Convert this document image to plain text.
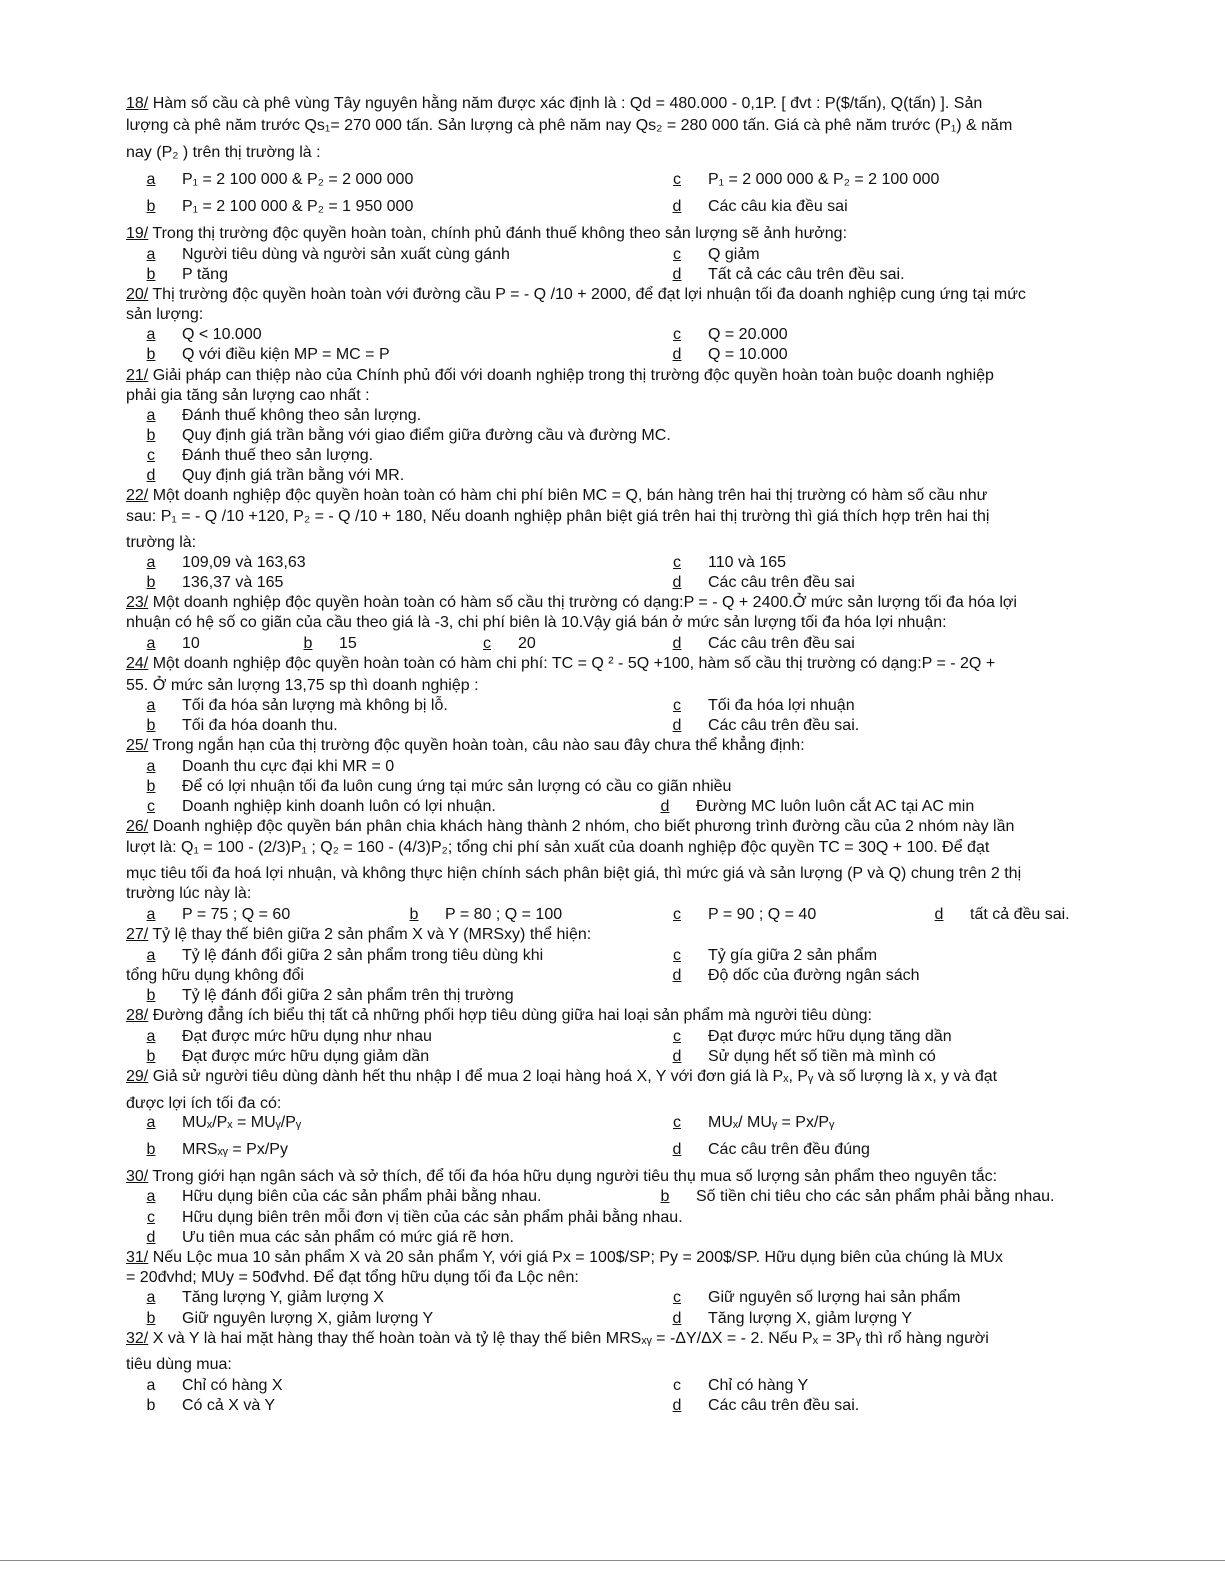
18/ Hàm số cầu cà phê vùng Tây nguyên hằng năm được xác định là : Qd = 480.000 - 0,1P. [ đvt : P($/tấn), Q(tấn) ]. Sản
lượng cà phê năm trước Qs₁= 270 000 tấn. Sản lượng cà phê năm nay Qs₂ = 280 000 tấn. Giá cà phê năm trước (P₁) & năm
nay (P₂ ) trên thị trường là :
a P₁ = 2 100 000 & P₂ = 2 000 000	c P₁ = 2 000 000 & P₂ = 2 100 000
b P₁ = 2 100 000 & P₂ = 1 950 000	d Các câu kia đều sai
19/ Trong thị trường độc quyền hoàn toàn, chính phủ đánh thuế không theo sản lượng sẽ ảnh hưởng:
a Người tiêu dùng và người sản xuất cùng gánh	c Q giảm
b P tăng	d Tất cả các câu trên đều sai.
20/ Thị trường độc quyền hoàn toàn với đường cầu P = - Q /10 + 2000, để đạt lợi nhuận tối đa doanh nghiệp cung ứng tại mức
sản lượng:
a Q < 10.000	c Q = 20.000
b Q với điều kiện MP = MC = P	d Q = 10.000
21/ Giải pháp can thiệp nào của Chính phủ đối với doanh nghiệp trong thị trường độc quyền hoàn toàn buộc doanh nghiệp
phải gia tăng sản lượng cao nhất :
a Đánh thuế không theo sản lượng.
b Quy định giá trần bằng với giao điểm giữa đường cầu và đường MC.
c Đánh thuế theo sản lượng.
d Quy định giá trần bằng với MR.
22/ Một doanh nghiệp độc quyền hoàn toàn có hàm chi phí biên MC = Q, bán hàng trên hai thị trường có hàm số cầu như
sau: P₁ = - Q /10 +120, P₂ = - Q /10 + 180, Nếu doanh nghiệp phân biệt giá trên hai thị trường thì giá thích hợp trên hai thị
trường là:
a 109,09 và 163,63	c 110 và 165
b 136,37 và 165	d Các câu trên đều sai
23/ Một doanh nghiệp độc quyền hoàn toàn có hàm số cầu thị trường có dạng:P = - Q + 2400.Ở mức sản lượng tối đa hóa lợi
nhuận có hệ số co giãn của cầu theo giá là -3, chi phí biên là 10.Vậy giá bán ở mức sản lượng tối đa hóa lợi nhuận:
a 10	b 15	c 20	d Các câu trên đều sai
24/ Một doanh nghiệp độc quyền hoàn toàn có hàm chi phí: TC = Q ² - 5Q +100, hàm số cầu thị trường có dạng:P = - 2Q +
55. Ở mức sản lượng 13,75 sp thì doanh nghiệp :
a Tối đa hóa sản lượng mà không bị lỗ.	c Tối đa hóa lợi nhuận
b Tối đa hóa doanh thu.	d Các câu trên đều sai.
25/ Trong ngắn hạn của thị trường độc quyền hoàn toàn, câu nào sau đây chưa thể khẳng định:
a Doanh thu cực đại khi MR = 0
b Để có lợi nhuận tối đa luôn cung ứng tại mức sản lượng có cầu co giãn nhiều
c Doanh nghiệp kinh doanh luôn có lợi nhuận.	d Đường MC luôn luôn cắt AC tại AC min
26/ Doanh nghiệp độc quyền bán phân chia khách hàng thành 2 nhóm, cho biết phương trình đường cầu của 2 nhóm này lần
lượt là: Q₁ = 100 - (2/3)P₁ ; Q₂ = 160 - (4/3)P₂; tổng chi phí sản xuất của doanh nghiệp độc quyền TC = 30Q + 100. Để đạt
mục tiêu tối đa hoá lợi nhuận, và không thực hiện chính sách phân biệt giá, thì mức giá và sản lượng (P và Q) chung trên 2 thị
trường lúc này là:
a P = 75 ; Q = 60	b P = 80 ; Q = 100	c P = 90 ; Q = 40	d tất cả đều sai.
27/ Tỷ lệ thay thế biên giữa 2 sản phẩm X và Y (MRSxy) thể hiện:
a Tỷ lệ đánh đổi giữa 2 sản phẩm trong tiêu dùng khi	c Tỷ gía giữa 2 sản phẩm
tổng hữu dụng không đổi	d Độ dốc của đường ngân sách
b Tỷ lệ đánh đổi giữa 2 sản phẩm trên thị trường
28/ Đường đẳng ích biểu thị tất cả những phối hợp tiêu dùng giữa hai loại sản phẩm mà người tiêu dùng:
a Đạt được mức hữu dụng như nhau	c Đạt được mức hữu dụng tăng dần
b Đạt được mức hữu dụng giảm dần	d Sử dụng hết số tiền mà mình có
29/ Giả sử người tiêu dùng dành hết thu nhập I để mua 2 loại hàng hoá X, Y với đơn giá là Pₓ, Pᵧ và số lượng là x, y và đạt
được lợi ích tối đa có:
a MUₓ/Pₓ = MUᵧ/Pᵧ	c MUₓ/ MUᵧ = Px/Pᵧ
b MRSₓᵧ = Px/Py	d Các câu trên đều đúng
30/ Trong giới hạn ngân sách và sở thích, để tối đa hóa hữu dụng người tiêu thụ mua số lượng sản phẩm theo nguyên tắc:
a Hữu dụng biên của các sản phẩm phải bằng nhau.	b Số tiền chi tiêu cho các sản phẩm phải bằng nhau.
c Hữu dụng biên trên mỗi đơn vị tiền của các sản phẩm phải bằng nhau.
d Ưu tiên mua các sản phẩm có mức giá rẽ hơn.
31/ Nếu Lộc mua 10 sản phẩm X và 20 sản phẩm Y, với giá Px = 100$/SP; Py = 200$/SP. Hữu dụng biên của chúng là MUx
= 20đvhd; MUy = 50đvhd. Để đạt tổng hữu dụng tối đa Lộc nên:
a Tăng lượng Y, giảm lượng X	c Giữ nguyên số lượng hai sản phẩm
b Giữ nguyên lượng X, giảm lượng Y	d Tăng lượng X, giảm lượng Y
32/ X và Y là hai mặt hàng thay thế hoàn toàn và tỷ lệ thay thế biên MRSₓᵧ = -ΔY/ΔX = - 2. Nếu Pₓ = 3Pᵧ thì rổ hàng người
tiêu dùng mua:
a Chỉ có hàng X	c Chỉ có hàng Y
b Có cả X và Y	d Các câu trên đều sai.
